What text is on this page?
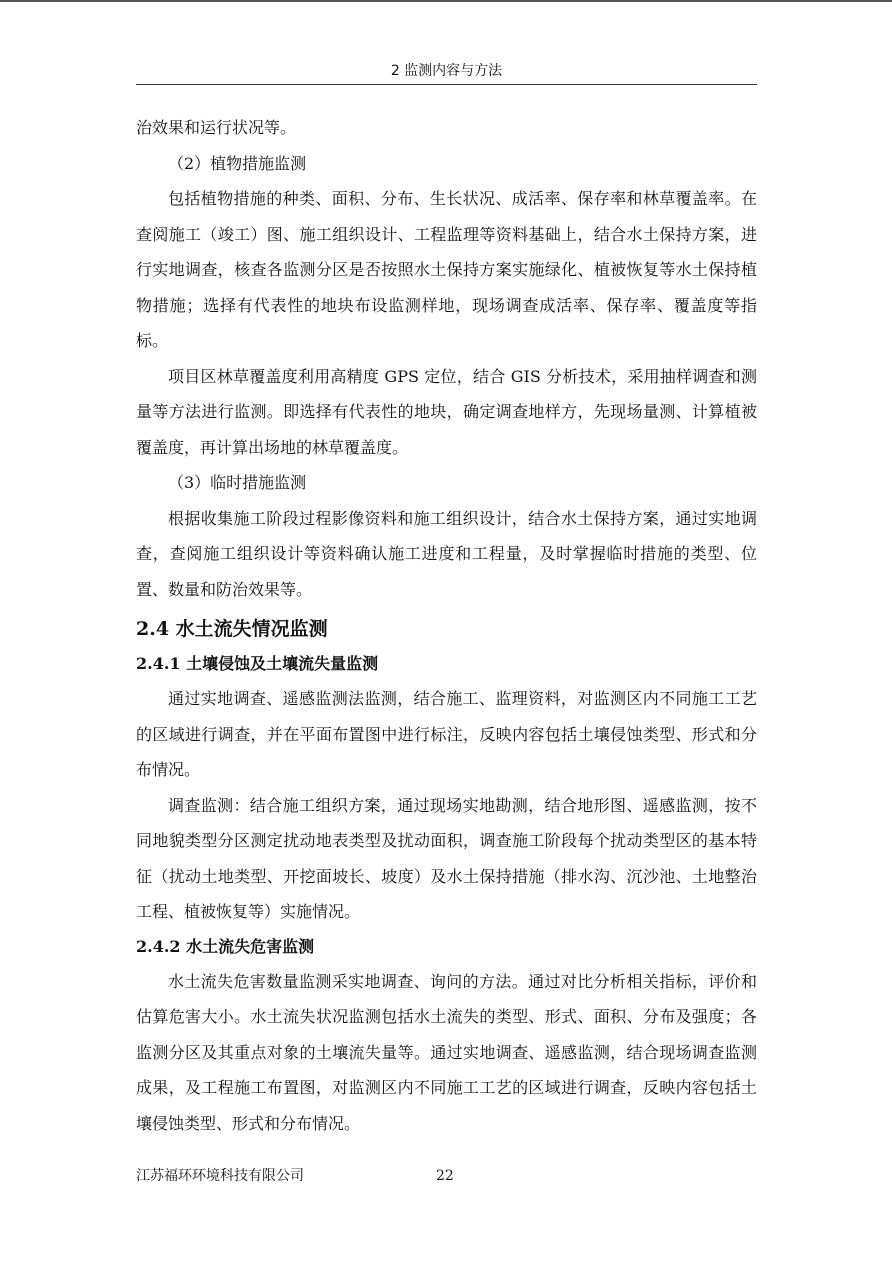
2 监测内容与方法

治效果和运行状况等。

（2）植物措施监测

包括植物措施的种类、面积、分布、生长状况、成活率、保存率和林草覆盖率。在查阅施工（竣工）图、施工组织设计、工程监理等资料基础上，结合水土保持方案，进行实地调查，核查各监测分区是否按照水土保持方案实施绿化、植被恢复等水土保持植物措施；选择有代表性的地块布设监测样地，现场调查成活率、保存率、覆盖度等指标。

项目区林草覆盖度利用高精度 GPS 定位，结合 GIS 分析技术，采用抽样调查和测量等方法进行监测。即选择有代表性的地块，确定调查地样方，先现场量测、计算植被覆盖度，再计算出场地的林草覆盖度。

（3）临时措施监测

根据收集施工阶段过程影像资料和施工组织设计，结合水土保持方案，通过实地调查，查阅施工组织设计等资料确认施工进度和工程量，及时掌握临时措施的类型、位置、数量和防治效果等。

2.4 水土流失情况监测
2.4.1 土壤侵蚀及土壤流失量监测

通过实地调查、遥感监测法监测，结合施工、监理资料，对监测区内不同施工工艺的区域进行调查，并在平面布置图中进行标注，反映内容包括土壤侵蚀类型、形式和分布情况。

调查监测：结合施工组织方案，通过现场实地勘测，结合地形图、遥感监测，按不同地貌类型分区测定扰动地表类型及扰动面积，调查施工阶段每个扰动类型区的基本特征（扰动土地类型、开挖面坡长、坡度）及水土保持措施（排水沟、沉沙池、土地整治工程、植被恢复等）实施情况。

2.4.2 水土流失危害监测

水土流失危害数量监测采实地调查、询问的方法。通过对比分析相关指标，评价和估算危害大小。水土流失状况监测包括水土流失的类型、形式、面积、分布及强度；各监测分区及其重点对象的土壤流失量等。通过实地调查、遥感监测，结合现场调查监测成果，及工程施工布置图，对监测区内不同施工工艺的区域进行调查，反映内容包括土壤侵蚀类型、形式和分布情况。

江苏福环环境科技有限公司	22
